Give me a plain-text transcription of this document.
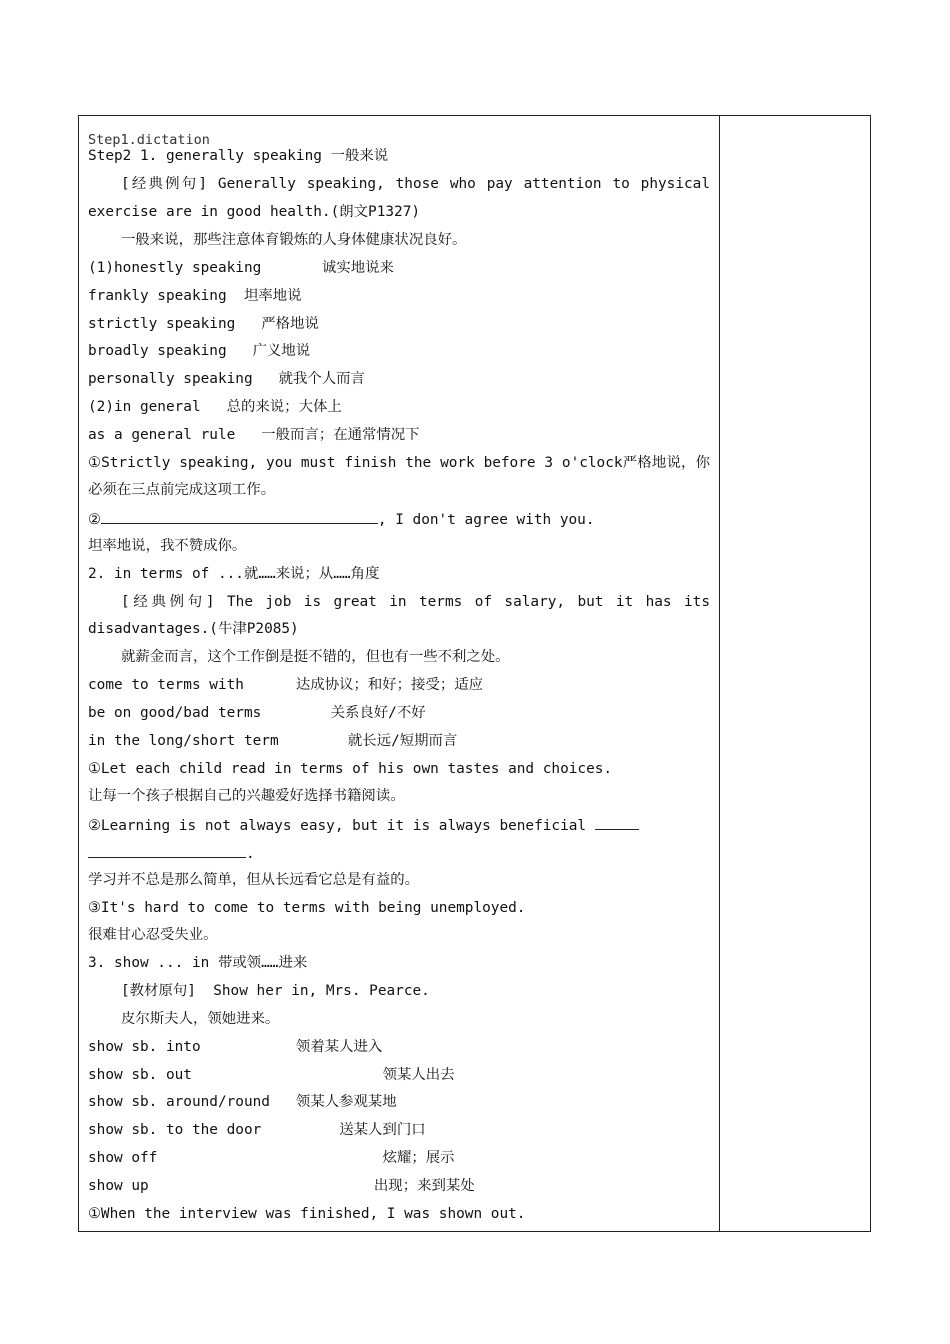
Step1.dictation
Step2 1. generally speaking 一般来说
[经典例句] Generally speaking, those who pay attention to physical
exercise are in good health.(朗文P1327)
一般来说，那些注意体育锻炼的人身体健康状况良好。
(1)honestly speaking       诚实地说来
frankly speaking  坦率地说
strictly speaking   严格地说
broadly speaking   广义地说
personally speaking   就我个人而言
(2)in general   总的来说；大体上
as a general rule   一般而言；在通常情况下
①Strictly speaking, you must finish the work before 3 o'clock严格地说，你
必须在三点前完成这项工作。
②	, I don't agree with you.
坦率地说，我不赞成你。
2. in terms of ...就……来说；从……角度
[经典例句] The job is great in terms of salary, but it has its
disadvantages.(牛津P2085)
就薪金而言，这个工作倒是挺不错的，但也有一些不利之处。
come to terms with      达成协议；和好；接受；适应
be on good/bad terms        关系良好/不好
in the long/short term        就长远/短期而言
①Let each child read in terms of his own tastes and choices.
让每一个孩子根据自己的兴趣爱好选择书籍阅读。
②Learning is not always easy, but it is always beneficial
.
学习并不总是那么简单，但从长远看它总是有益的。
③It's hard to come to terms with being unemployed.
很难甘心忍受失业。
3. show ... in 带或领……进来
[教材原句]  Show her in, Mrs. Pearce.
皮尔斯夫人，领她进来。
show sb. into           领着某人进入
show sb. out                      领某人出去
show sb. around/round   领某人参观某地
show sb. to the door         送某人到门口
show off                          炫耀；展示
show up                          出现；来到某处
①When the interview was finished, I was shown out.
